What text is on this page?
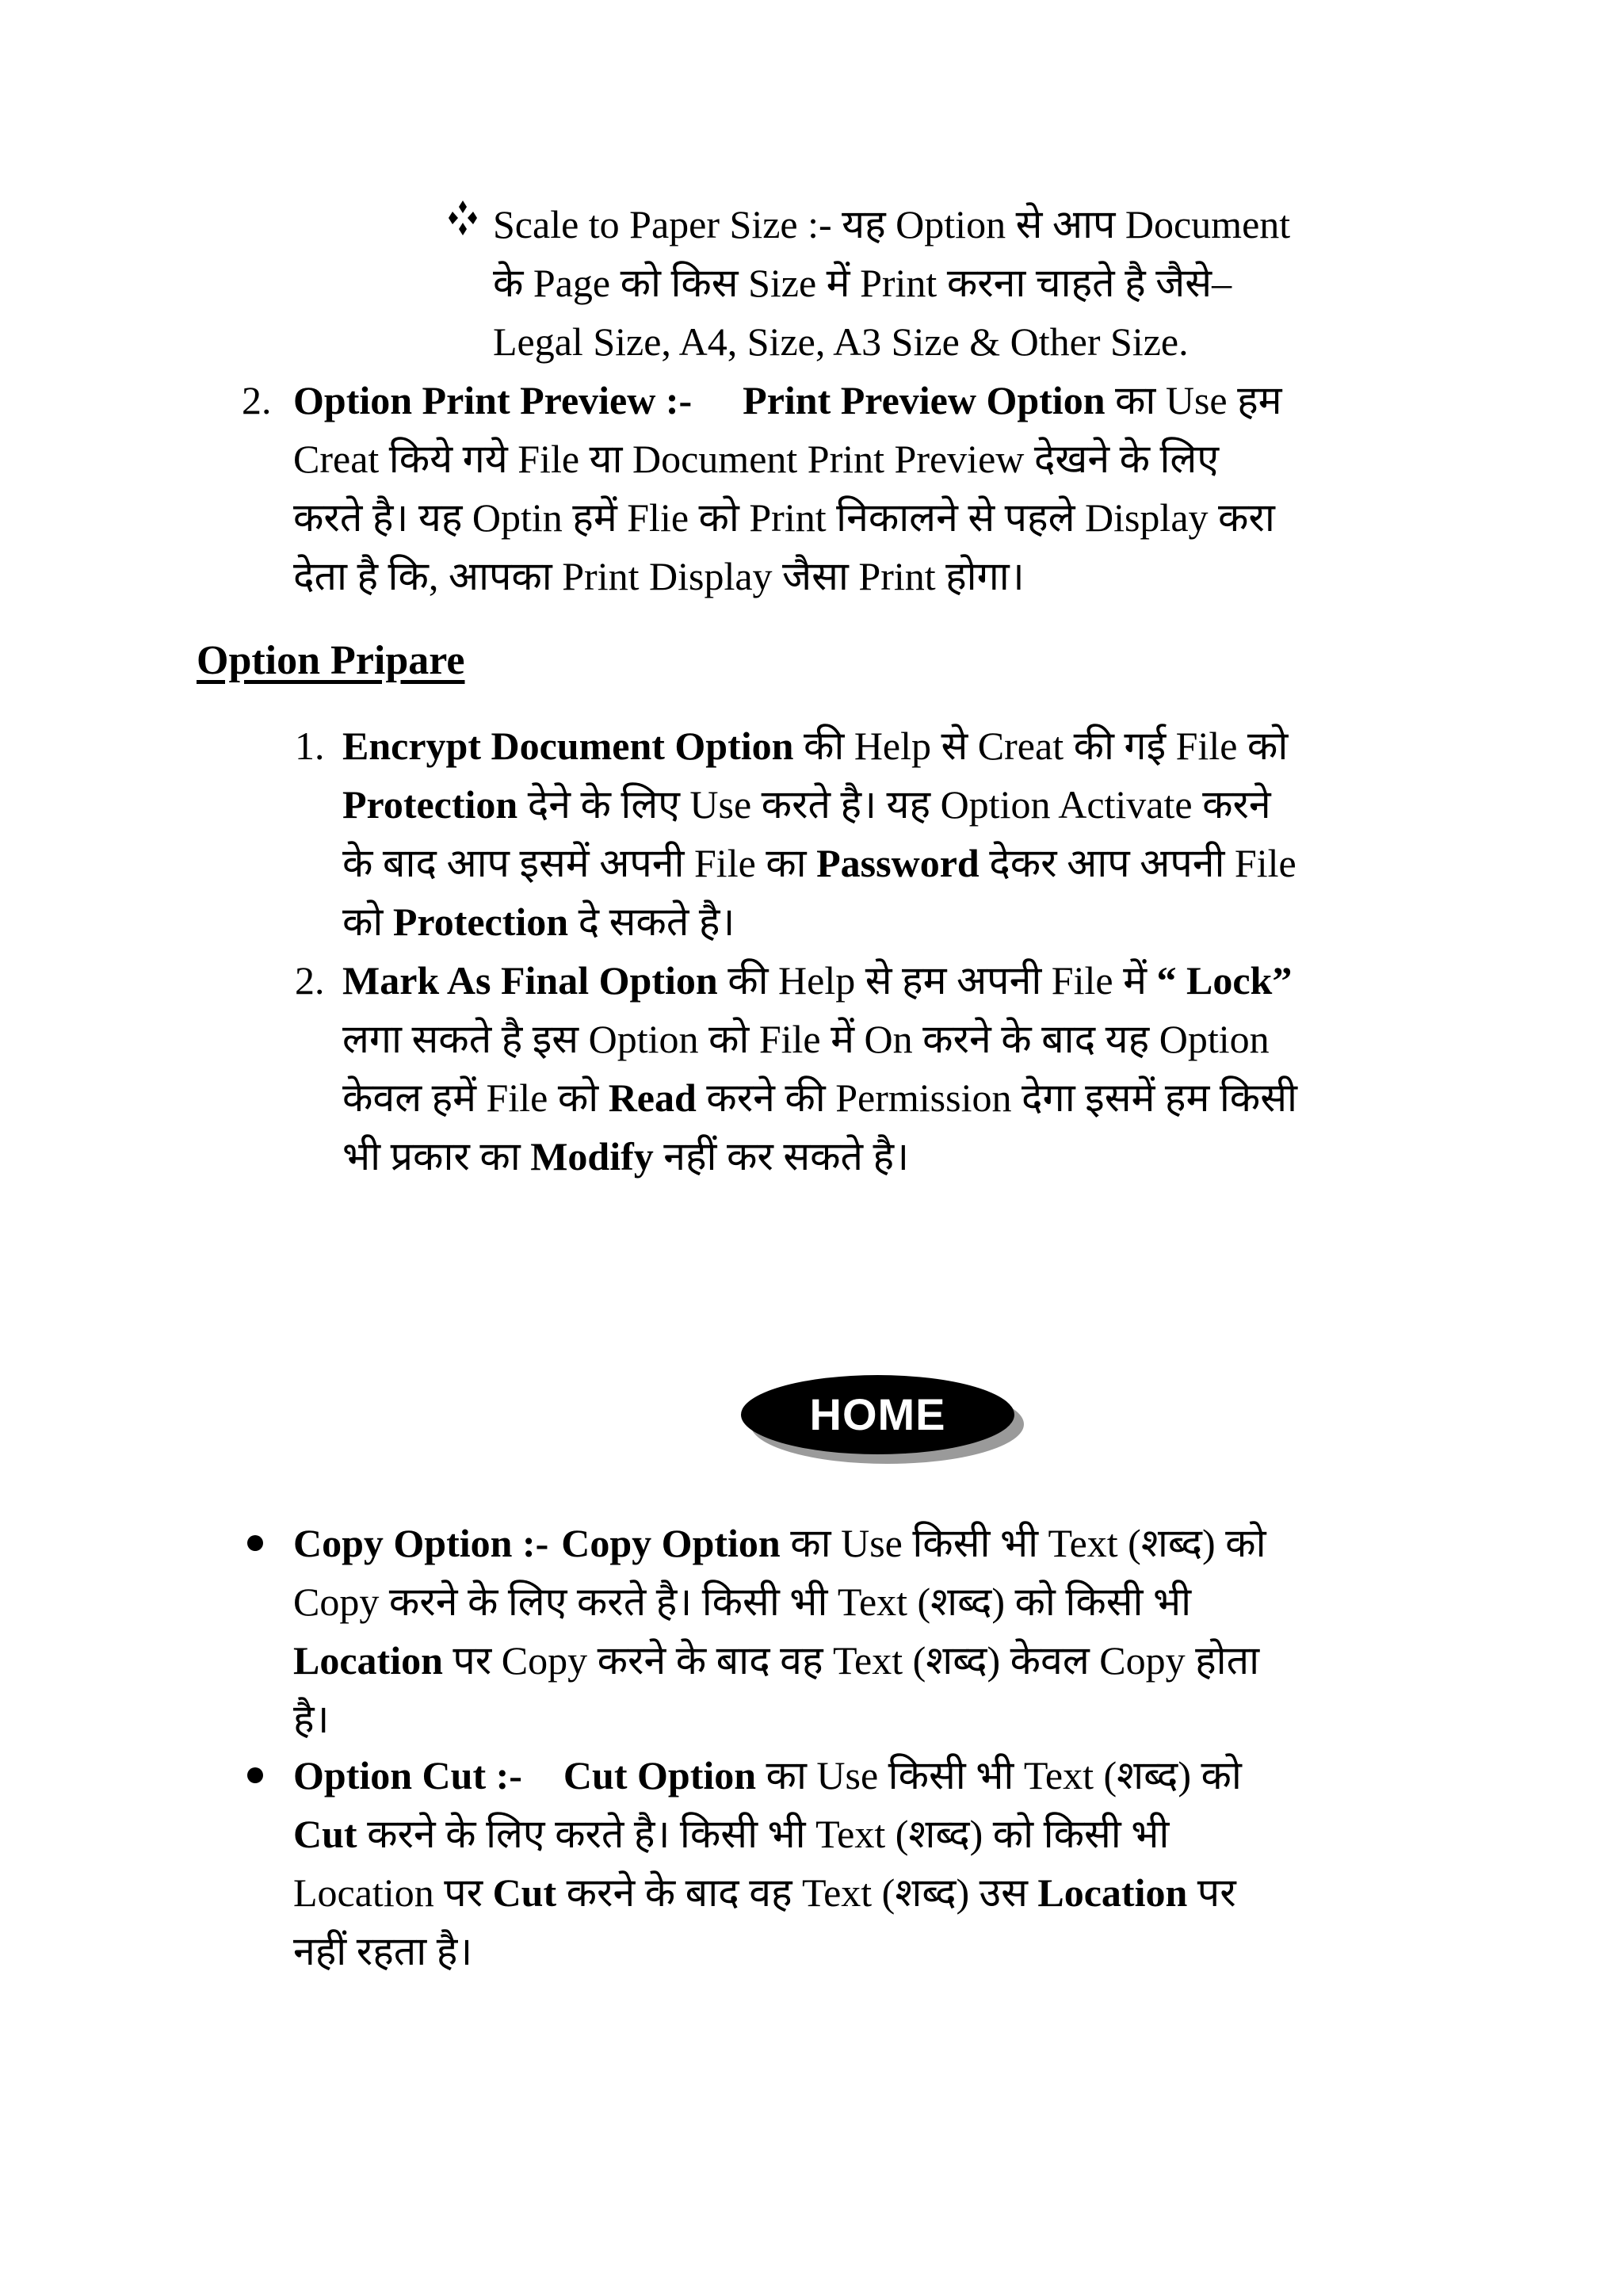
Scale to Paper Size :- यह Option से आप Document
के Page को किस Size में Print करना चाहते है जैसे–
Legal Size, A4, Size, A3 Size & Other Size.
2. Option Print Preview :- Print Preview Option का Use हम
Creat किये गये File या Document Print Preview देखने के लिए
करते है। यह Optin हमें Flie को Print निकालने से पहले Display करा
देता है कि, आपका Print Display जैसा Print होगा।
Option Pripare
1. Encrypt Document Option की Help से Creat की गई File को
Protection देने के लिए Use करते है। यह Option Activate करने
के बाद आप इसमें अपनी File का Password देकर आप अपनी File
को Protection दे सकते है।
2. Mark As Final Option की Help से हम अपनी File में “ Lock”
लगा सकते है इस Option को File में On करने के बाद यह Option
केवल हमें File को Read करने की Permission देगा इसमें हम किसी
भी प्रकार का Modify नहीं कर सकते है।
HOME
Copy Option :- Copy Option का Use किसी भी Text (शब्द) को
Copy करने के लिए करते है। किसी भी Text (शब्द) को किसी भी
Location पर Copy करने के बाद वह Text (शब्द) केवल Copy होता
है।
Option Cut :- Cut Option का Use किसी भी Text (शब्द) को
Cut करने के लिए करते है। किसी भी Text (शब्द) को किसी भी
Location पर Cut करने के बाद वह Text (शब्द) उस Location पर
नहीं रहता है।
